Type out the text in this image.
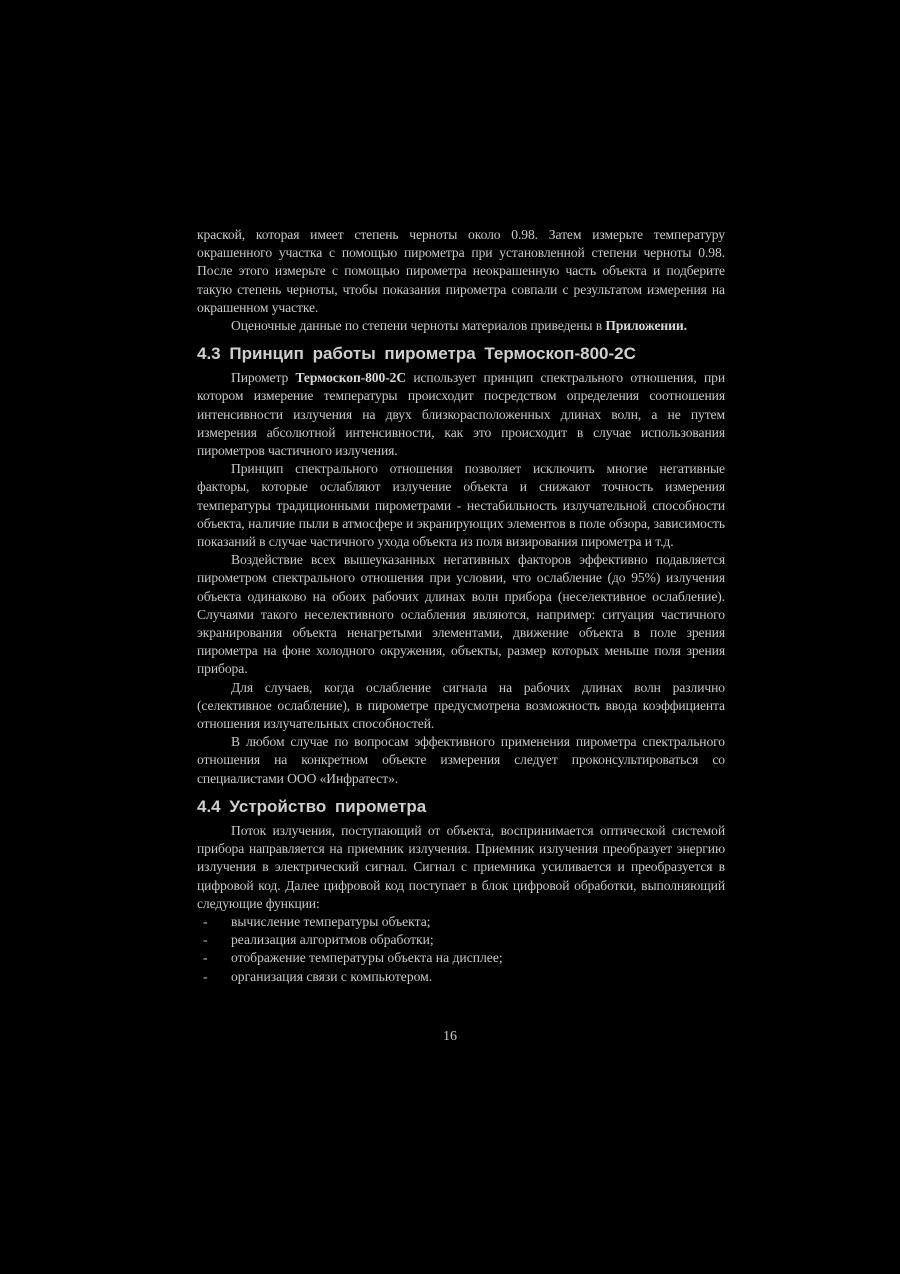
краской, которая имеет степень черноты около 0.98. Затем измерьте температуру окрашенного участка с помощью пирометра при установленной степени черноты 0.98. После этого измерьте с помощью пирометра неокрашенную часть объекта и подберите такую степень черноты, чтобы показания пирометра совпали с результатом измерения на окрашенном участке.

Оценочные данные по степени черноты материалов приведены в Приложении.

4.3 Принцип работы пирометра Термоскоп-800-2С

Пирометр Термоскоп-800-2С использует принцип спектрального отношения, при котором измерение температуры происходит посредством определения соотношения интенсивности излучения на двух близкорасположенных длинах волн, а не путем измерения абсолютной интенсивности, как это происходит в случае использования пирометров частичного излучения.

Принцип спектрального отношения позволяет исключить многие негативные факторы, которые ослабляют излучение объекта и снижают точность измерения температуры традиционными пирометрами - нестабильность излучательной способности объекта, наличие пыли в атмосфере и экранирующих элементов в поле обзора, зависимость показаний в случае частичного ухода объекта из поля визирования пирометра и т.д.

Воздействие всех вышеуказанных негативных факторов эффективно подавляется пирометром спектрального отношения при условии, что ослабление (до 95%) излучения объекта одинаково на обоих рабочих длинах волн прибора (неселективное ослабление). Случаями такого неселективного ослабления являются, например: ситуация частичного экранирования объекта ненагретыми элементами, движение объекта в поле зрения пирометра на фоне холодного окружения, объекты, размер которых меньше поля зрения прибора.

Для случаев, когда ослабление сигнала на рабочих длинах волн различно (селективное ослабление), в пирометре предусмотрена возможность ввода коэффициента отношения излучательных способностей.

В любом случае по вопросам эффективного применения пирометра спектрального отношения на конкретном объекте измерения следует проконсультироваться со специалистами ООО «Инфратест».

4.4 Устройство пирометра

Поток излучения, поступающий от объекта, воспринимается оптической системой прибора направляется на приемник излучения. Приемник излучения преобразует энергию излучения в электрический сигнал. Сигнал с приемника усиливается и преобразуется в цифровой код. Далее цифровой код поступает в блок цифровой обработки, выполняющий следующие функции:

- вычисление температуры объекта;
- реализация алгоритмов обработки;
- отображение температуры объекта на дисплее;
- организация связи с компьютером.
16
